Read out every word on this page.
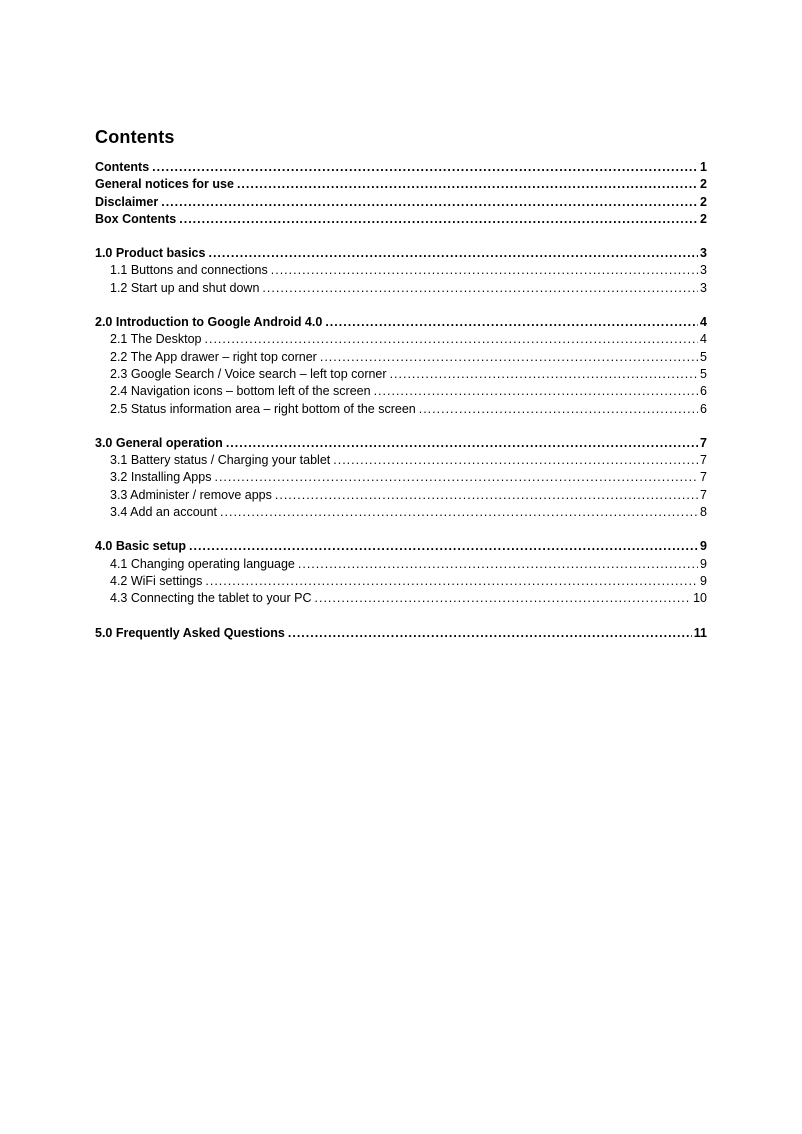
Contents
Contents .....	1
General notices for use .....	2
Disclaimer .....	2
Box Contents .....	2
1.0 Product basics .....	3
1.1 Buttons and connections .....	3
1.2 Start up and shut down .....	3
2.0 Introduction to Google Android 4.0 .....	4
2.1 The Desktop .....	4
2.2 The App drawer – right top corner .....	5
2.3 Google Search / Voice search – left top corner .....	5
2.4 Navigation icons – bottom left of the screen .....	6
2.5 Status information area – right bottom of the screen .....	6
3.0 General operation .....	7
3.1 Battery status / Charging your tablet .....	7
3.2 Installing Apps .....	7
3.3 Administer / remove apps .....	7
3.4 Add an account .....	8
4.0 Basic setup .....	9
4.1 Changing operating language .....	9
4.2 WiFi settings .....	9
4.3 Connecting the tablet to your PC .....	10
5.0 Frequently Asked Questions .....	11
